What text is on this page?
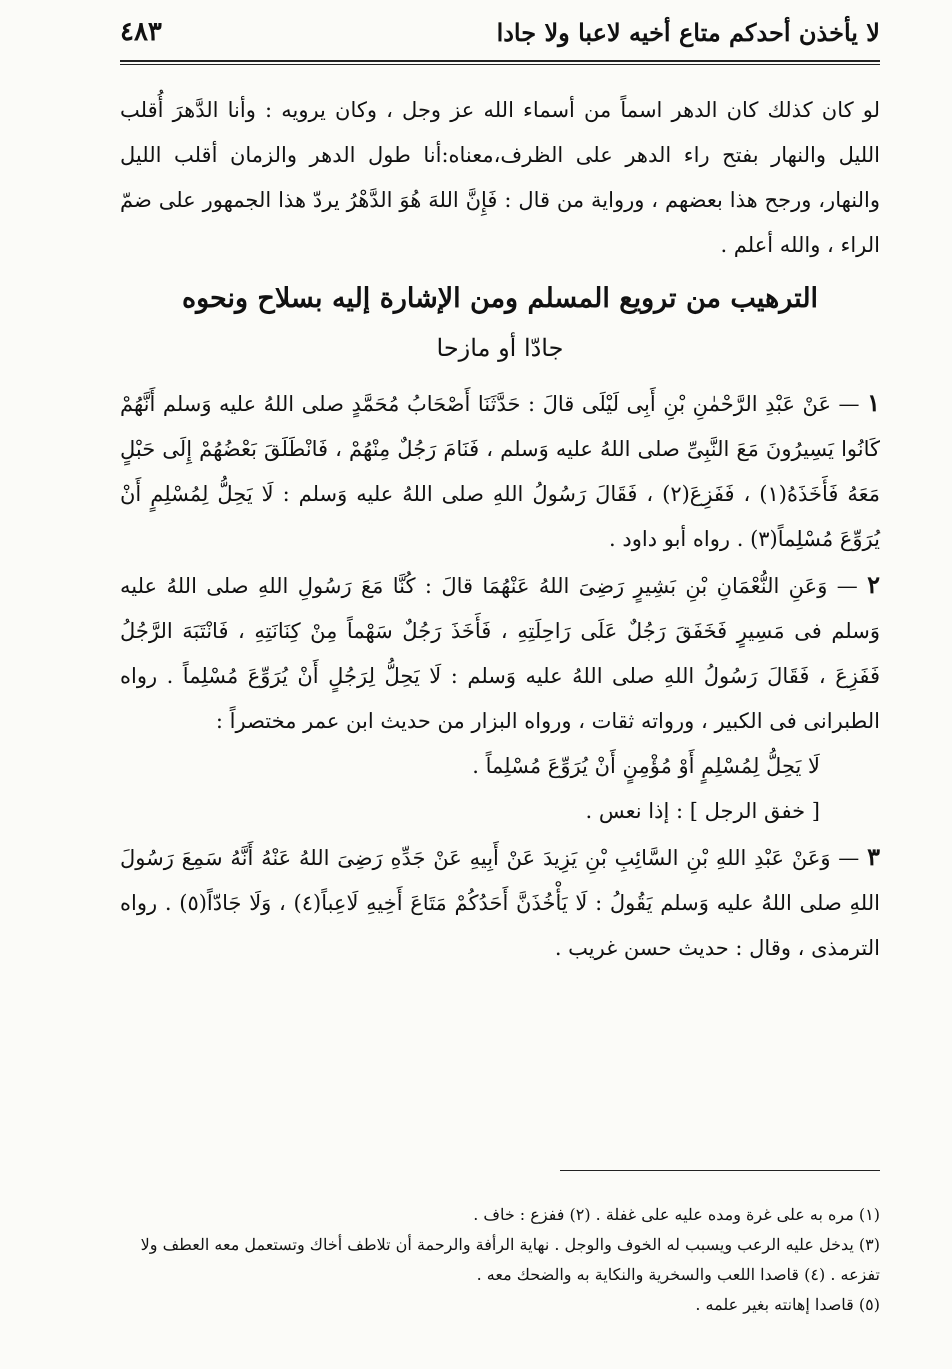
لا يأخذن أحدكم متاع أخيه لاعبا ولا جادا
٤٨٣

لو كان كذلك كان الدهر اسماً من أسماء الله عز وجل ، وكان يرويه : وأنا الدَّهرَ أُقلب الليل والنهار بفتح راء الدهر على الظرف،معناه:أنا طول الدهر والزمان أقلب الليل والنهار، ورجح هذا بعضهم ، ورواية من قال : فَإِنَّ اللهَ هُوَ الدَّهْرُ يردّ هذا الجمهور على ضمّ الراء ، والله أعلم .

الترهيب من ترويع المسلم ومن الإشارة إليه بسلاح ونحوه
جادّا أو مازحا

١ — عَنْ عَبْدِ الرَّحْمٰنِ بْنِ أَبِى لَيْلَى قالَ : حَدَّثَنَا أَصْحَابُ مُحَمَّدٍ صلى اللهُ عليه وَسلم أَنَّهُمْ كَانُوا يَسِيرُونَ مَعَ النَّبِىِّ صلى اللهُ عليه وَسلم ، فَنَامَ رَجُلٌ مِنْهُمْ ، فَانْطَلَقَ بَعْضُهُمْ إِلَى حَبْلٍ مَعَهُ فَأَخَذَهُ(١) ، فَفَزِعَ(٢) ، فَقَالَ رَسُولُ اللهِ صلى اللهُ عليه وَسلم : لَا يَحِلُّ لِمُسْلِمٍ أَنْ يُرَوِّعَ مُسْلِماً(٣) . رواه أبو داود .

٢ — وَعَنِ النُّعْمَانِ بْنِ بَشِيرٍ رَضِىَ اللهُ عَنْهُمَا قالَ : كُنَّا مَعَ رَسُولِ اللهِ صلى اللهُ عليه وَسلم فى مَسِيرٍ فَخَفَقَ رَجُلٌ عَلَى رَاحِلَتِهِ ، فَأَخَذَ رَجُلٌ سَهْماً مِنْ كِنَانَتِهِ ، فَانْتَبَهَ الرَّجُلُ فَفَزِعَ ، فَقَالَ رَسُولُ اللهِ صلى اللهُ عليه وَسلم : لَا يَحِلُّ لِرَجُلٍ أَنْ يُرَوِّعَ مُسْلِماً . رواه الطبرانى فى الكبير ، ورواته ثقات ، ورواه البزار من حديث ابن عمر مختصراً :

لَا يَحِلُّ لِمُسْلِمٍ أَوْ مُؤْمِنٍ أَنْ يُرَوِّعَ مُسْلِماً .

[ خفق الرجل ] : إذا نعس .

٣ — وَعَنْ عَبْدِ اللهِ بْنِ السَّائِبِ بْنِ يَزِيدَ عَنْ أَبِيهِ عَنْ جَدِّهِ رَضِىَ اللهُ عَنْهُ أَنَّهُ سَمِعَ رَسُولَ اللهِ صلى اللهُ عليه وَسلم يَقُولُ : لَا يَأْخُذَنَّ أَحَدُكُمْ مَتَاعَ أَخِيهِ لَاعِباً(٤) ، وَلَا جَادّاً(٥) . رواه الترمذى ، وقال : حديث حسن غريب .

(١) مره به على غرة ومده عليه على غفلة . (٢) ففزع : خاف .

(٣) يدخل عليه الرعب ويسبب له الخوف والوجل . نهاية الرأفة والرحمة أن تلاطف أخاك وتستعمل معه العطف ولا تفزعه . (٤) قاصدا اللعب والسخرية والنكاية به والضحك معه .

(٥) قاصدا إهانته بغير علمه .
